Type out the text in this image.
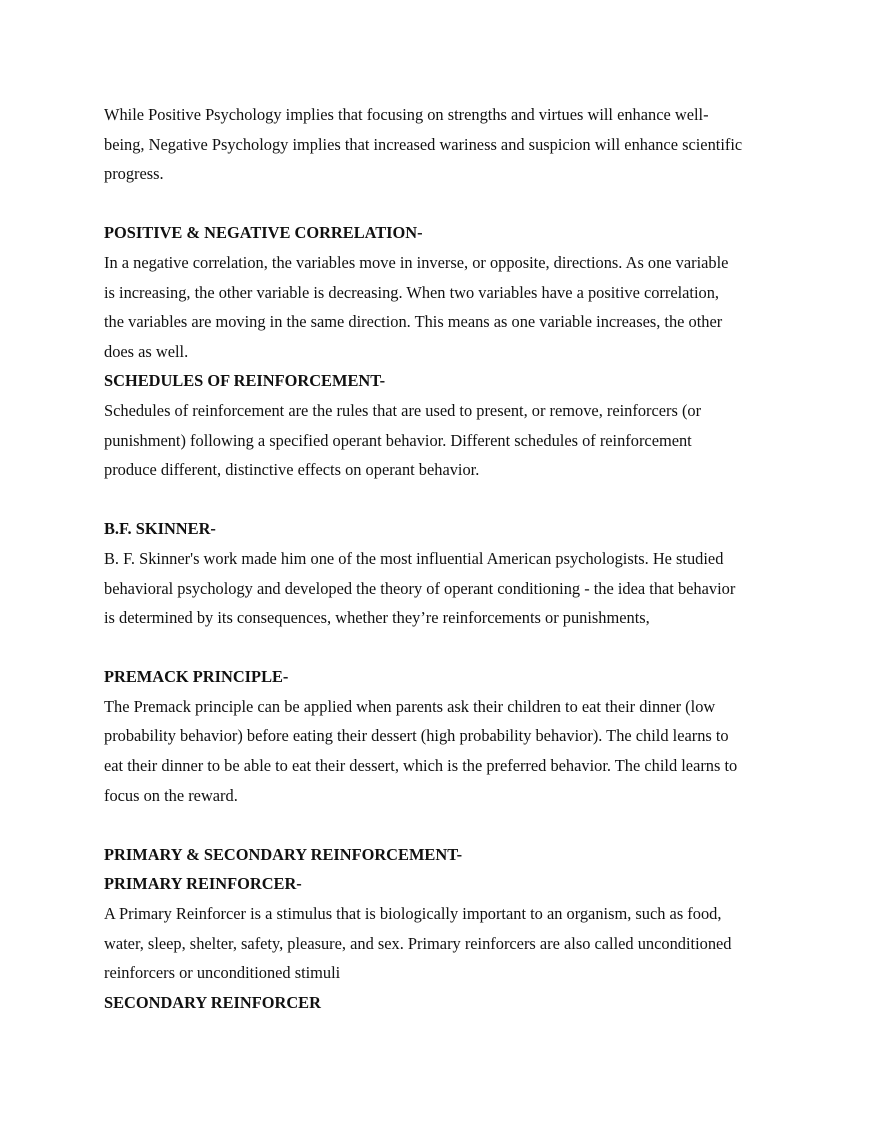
While Positive Psychology implies that focusing on strengths and virtues will enhance well-
being, Negative Psychology implies that increased wariness and suspicion will enhance scientific
progress.
POSITIVE & NEGATIVE CORRELATION-
In a negative correlation, the variables move in inverse, or opposite, directions. As one variable
is increasing, the other variable is decreasing. When two variables have a positive correlation,
the variables are moving in the same direction. This means as one variable increases, the other
does as well.
SCHEDULES OF REINFORCEMENT-
Schedules of reinforcement are the rules that are used to present, or remove, reinforcers (or
punishment) following a specified operant behavior. Different schedules of reinforcement
produce different, distinctive effects on operant behavior.
B.F. SKINNER-
B. F. Skinner's work made him one of the most influential American psychologists. He studied
behavioral psychology and developed the theory of operant conditioning - the idea that behavior
is determined by its consequences, whether they’re reinforcements or punishments,
PREMACK PRINCIPLE-
The Premack principle can be applied when parents ask their children to eat their dinner (low
probability behavior) before eating their dessert (high probability behavior). The child learns to
eat their dinner to be able to eat their dessert, which is the preferred behavior. The child learns to
focus on the reward.
PRIMARY & SECONDARY REINFORCEMENT-
PRIMARY REINFORCER-
A Primary Reinforcer is a stimulus that is biologically important to an organism, such as food,
water, sleep, shelter, safety, pleasure, and sex. Primary reinforcers are also called unconditioned
reinforcers or unconditioned stimuli
SECONDARY REINFORCER
